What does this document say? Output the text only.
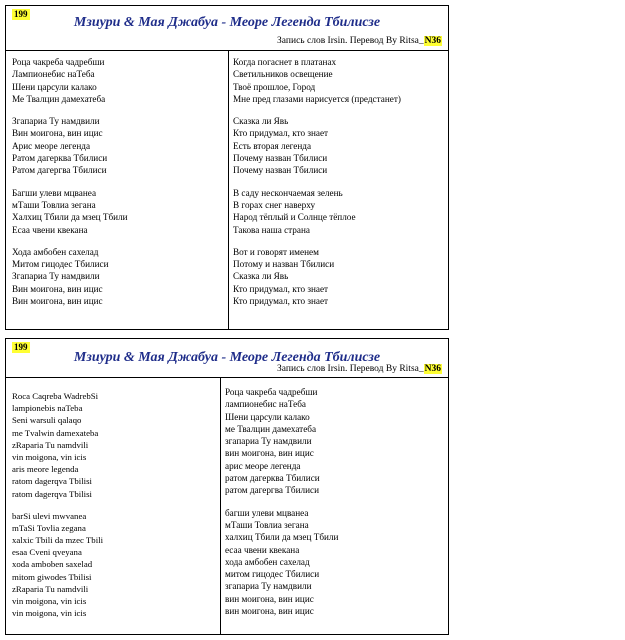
199
Мзиури & Мая Джабуа - Меоре Легенда Тбилисзе
Запись слов Irsin. Перевод By Ritsa_N36
Роца чакреба чадребши
Лампионебис наТеба
Шени царсули калако
Ме Твалцин дамехатеба
Згапариа Ту намдвили
Вин моигона, вин ицис
Арис меоре легенда
Ратом дагерква Тбилиси
Ратом дагергва Тбилиси
Багши улеви мцванеа
мТаши Товлиа зегана
Халхиц Тбили да мзец Тбили
Есаа чвени квекана
Хода амбобен сахелад
Митом гицодес Тбилиси
Згапариа Ту намдвили
Вин моигона, вин ицис
Вин моигона, вин ицис
Когда погаснет в платанах
Светильников освещение
Твоё прошлое, Город
Мне пред глазами нарисуется (предстанет)
Сказка ли Явь
Кто придумал, кто знает
Есть вторая легенда
Почему назван Тбилиси
Почему назван Тбилиси
В саду нескончаемая зелень
В горах снег наверху
Народ тёплый и Солнце тёплое
Такова наша страна
Вот и говорят именем
Потому и назван Тбилиси
Сказка ли Явь
Кто придумал, кто знает
Кто придумал, кто знает
199
Мзиури & Мая Джабуа - Меоре Легенда Тбилисзе
Запись слов Irsin. Перевод By Ritsa_N36
Roca Caqreba WadrebSi
lampionebis naTeba
Seni warsuli qalaqo
me Tvalwin damexateba
zRaparia Tu namdvili
vin moigona, vin icis
aris meore legenda
ratom dagerqva Tbilisi
ratom dagerqva Tbilisi
barSi ulevi mwvanea
mTaSi Tovlia zegana
xalxic Tbili da mzec Tbili
esaa Cveni qveyana
xoda amboben saxelad
mitom giwodes Tbilisi
zRaparia Tu namdvili
vin moigona, vin icis
vin moigona, vin icis
Роца чакреба чадребши
лампионебис наТеба
Шени царсули калако
ме Твалцин дамехатеба
згапариа Ту намдвили
вин моигона, вин ицис
арис меоре легенда
ратом дагерква Тбилиси
ратом дагергва Тбилиси
багши улеви мцванеа
мТаши Товлиа зегана
халхиц Тбили да мзец Тбили
есаа чвени квекана
хода амбобен сахелад
митом гицодес Тбилиси
згапариа Ту намдвили
вин моигона, вин ицис
вин моигона, вин ицис
